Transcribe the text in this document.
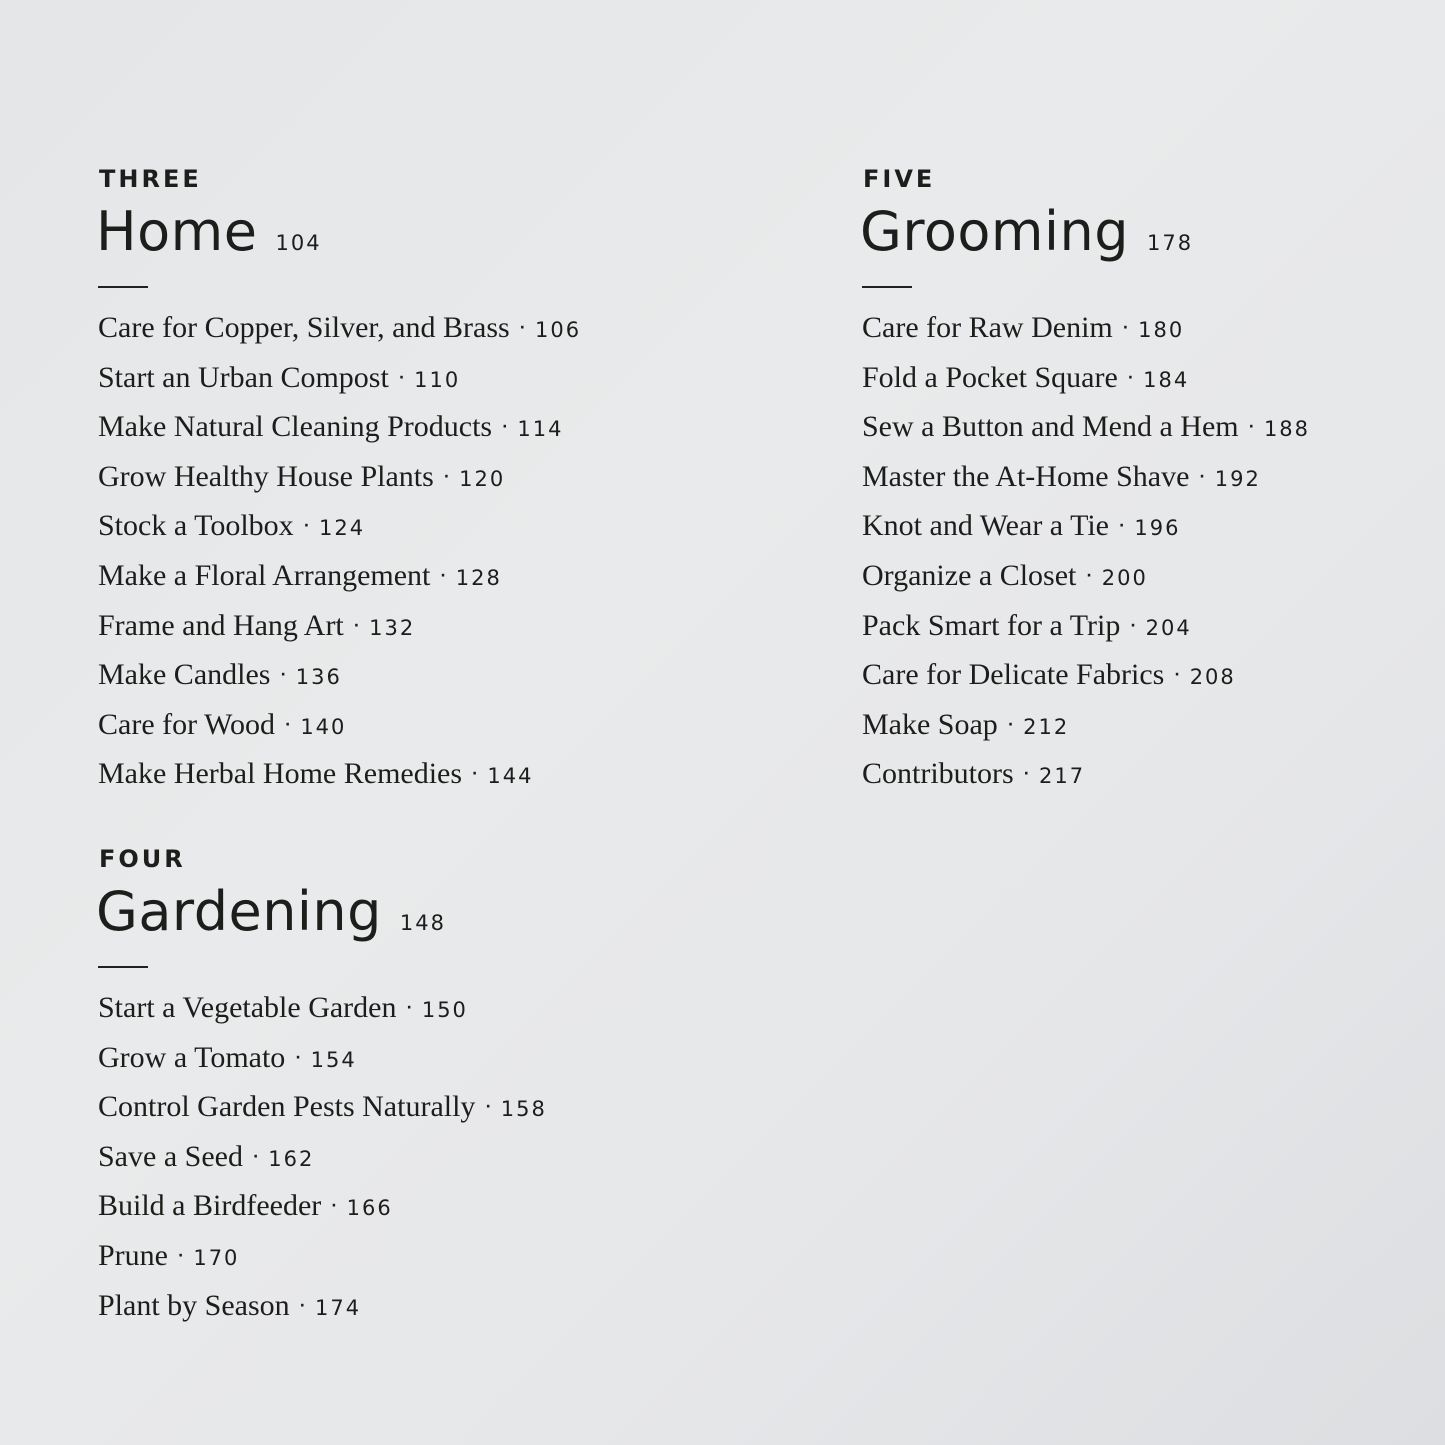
THREE
Home 104
Care for Copper, Silver, and Brass · 106
Start an Urban Compost · 110
Make Natural Cleaning Products · 114
Grow Healthy House Plants · 120
Stock a Toolbox · 124
Make a Floral Arrangement · 128
Frame and Hang Art · 132
Make Candles · 136
Care for Wood · 140
Make Herbal Home Remedies · 144
FOUR
Gardening 148
Start a Vegetable Garden · 150
Grow a Tomato · 154
Control Garden Pests Naturally · 158
Save a Seed · 162
Build a Birdfeeder · 166
Prune · 170
Plant by Season · 174
FIVE
Grooming 178
Care for Raw Denim · 180
Fold a Pocket Square · 184
Sew a Button and Mend a Hem · 188
Master the At-Home Shave · 192
Knot and Wear a Tie · 196
Organize a Closet · 200
Pack Smart for a Trip · 204
Care for Delicate Fabrics · 208
Make Soap · 212
Contributors · 217
